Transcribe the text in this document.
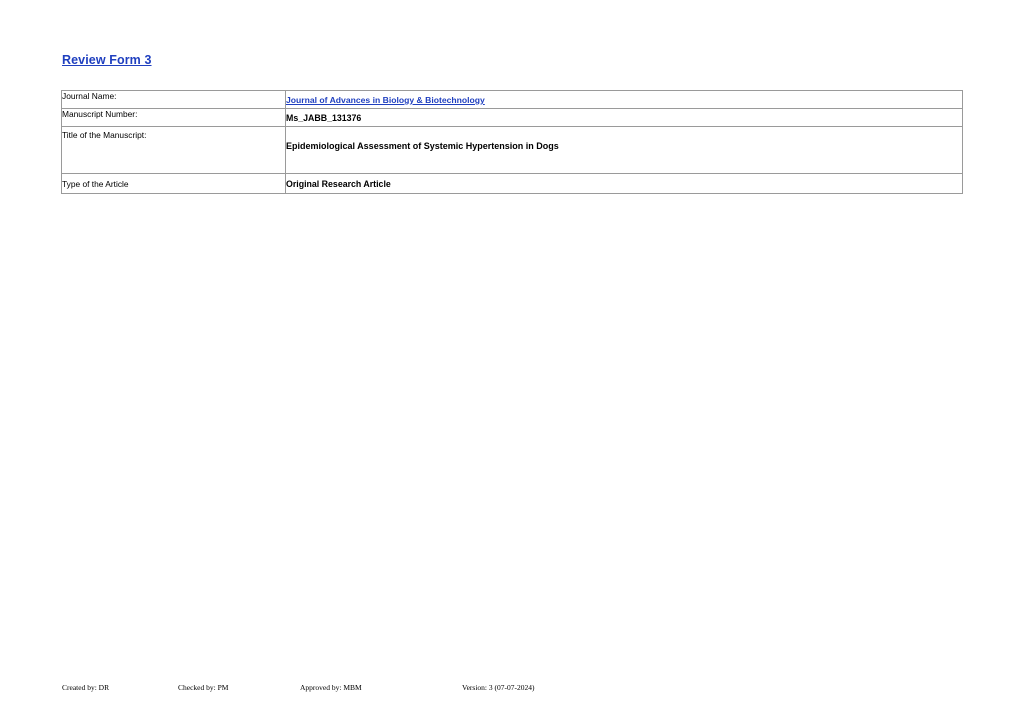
Review Form 3
Journal Name:	Journal of Advances in Biology & Biotechnology
Manuscript Number:	Ms_JABB_131376
Title of the Manuscript:	Epidemiological Assessment of Systemic Hypertension in Dogs
Type of the Article	Original Research Article
Created by: DR	Checked by: PM	Approved by: MBM	Version: 3 (07-07-2024)
